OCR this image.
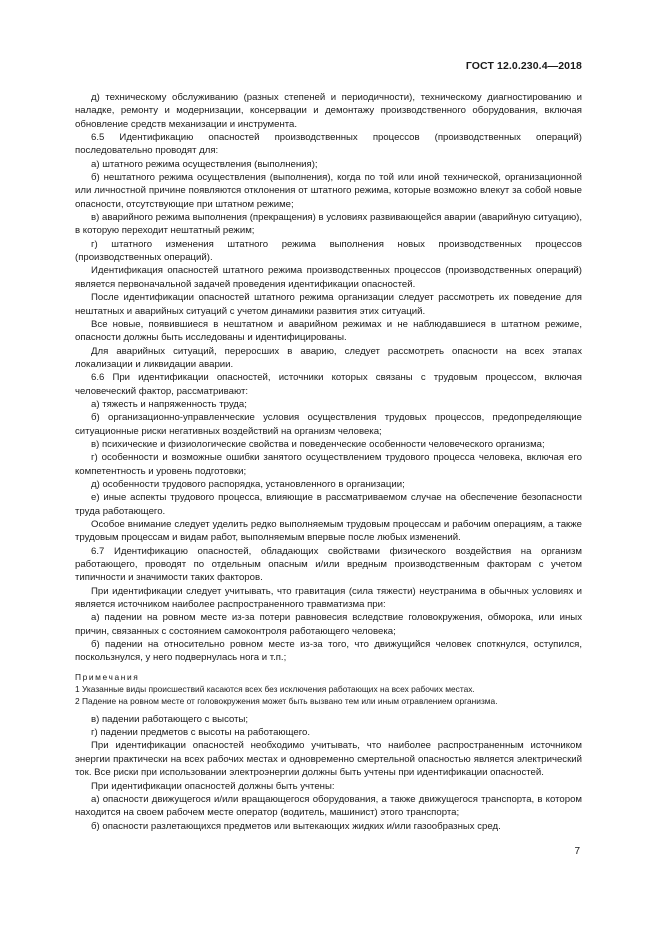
ГОСТ 12.0.230.4—2018

д) техническому обслуживанию (разных степеней и периодичности), техническому диагностированию и наладке, ремонту и модернизации, консервации и демонтажу производственного оборудования, включая обновление средств механизации и инструмента.

6.5 Идентификацию опасностей производственных процессов (производственных операций) последовательно проводят для:

а) штатного режима осуществления (выполнения);

б) нештатного режима осуществления (выполнения), когда по той или иной технической, организационной или личностной причине появляются отклонения от штатного режима, которые возможно влекут за собой новые опасности, отсутствующие при штатном режиме;

в) аварийного режима выполнения (прекращения) в условиях развивающейся аварии (аварийную ситуацию), в которую переходит нештатный режим;

г) штатного изменения штатного режима выполнения новых производственных процессов (производственных операций).

Идентификация опасностей штатного режима производственных процессов (производственных операций) является первоначальной задачей проведения идентификации опасностей.

После идентификации опасностей штатного режима организации следует рассмотреть их поведение для нештатных и аварийных ситуаций с учетом динамики развития этих ситуаций.

Все новые, появившиеся в нештатном и аварийном режимах и не наблюдавшиеся в штатном режиме, опасности должны быть исследованы и идентифицированы.

Для аварийных ситуаций, переросших в аварию, следует рассмотреть опасности на всех этапах локализации и ликвидации аварии.

6.6 При идентификации опасностей, источники которых связаны с трудовым процессом, включая человеческий фактор, рассматривают:

а) тяжесть и напряженность труда;

б) организационно-управленческие условия осуществления трудовых процессов, предопределяющие ситуационные риски негативных воздействий на организм человека;

в) психические и физиологические свойства и поведенческие особенности человеческого организма;

г) особенности и возможные ошибки занятого осуществлением трудового процесса человека, включая его компетентность и уровень подготовки;

д) особенности трудового распорядка, установленного в организации;

е) иные аспекты трудового процесса, влияющие в рассматриваемом случае на обеспечение безопасности труда работающего.

Особое внимание следует уделить редко выполняемым трудовым процессам и рабочим операциям, а также трудовым процессам и видам работ, выполняемым впервые после любых изменений.

6.7 Идентификацию опасностей, обладающих свойствами физического воздействия на организм работающего, проводят по отдельным опасным и/или вредным производственным факторам с учетом типичности и значимости таких факторов.

При идентификации следует учитывать, что гравитация (сила тяжести) неустранима в обычных условиях и является источником наиболее распространенного травматизма при:

а) падении на ровном месте из-за потери равновесия вследствие головокружения, обморока, или иных причин, связанных с состоянием самоконтроля работающего человека;

б) падении на относительно ровном месте из-за того, что движущийся человек споткнулся, оступился, поскользнулся, у него подвернулась нога и т.п.;

Примечания

1 Указанные виды происшествий касаются всех без исключения работающих на всех рабочих местах.

2 Падение на ровном месте от головокружения может быть вызвано тем или иным отравлением организма.

в) падении работающего с высоты;

г) падении предметов с высоты на работающего.

При идентификации опасностей необходимо учитывать, что наиболее распространенным источником энергии практически на всех рабочих местах и одновременно смертельной опасностью является электрический ток. Все риски при использовании электроэнергии должны быть учтены при идентификации опасностей.

При идентификации опасностей должны быть учтены:

а) опасности движущегося и/или вращающегося оборудования, а также движущегося транспорта, в котором находится на своем рабочем месте оператор (водитель, машинист) этого транспорта;

б) опасности разлетающихся предметов или вытекающих жидких и/или газообразных сред.

7
